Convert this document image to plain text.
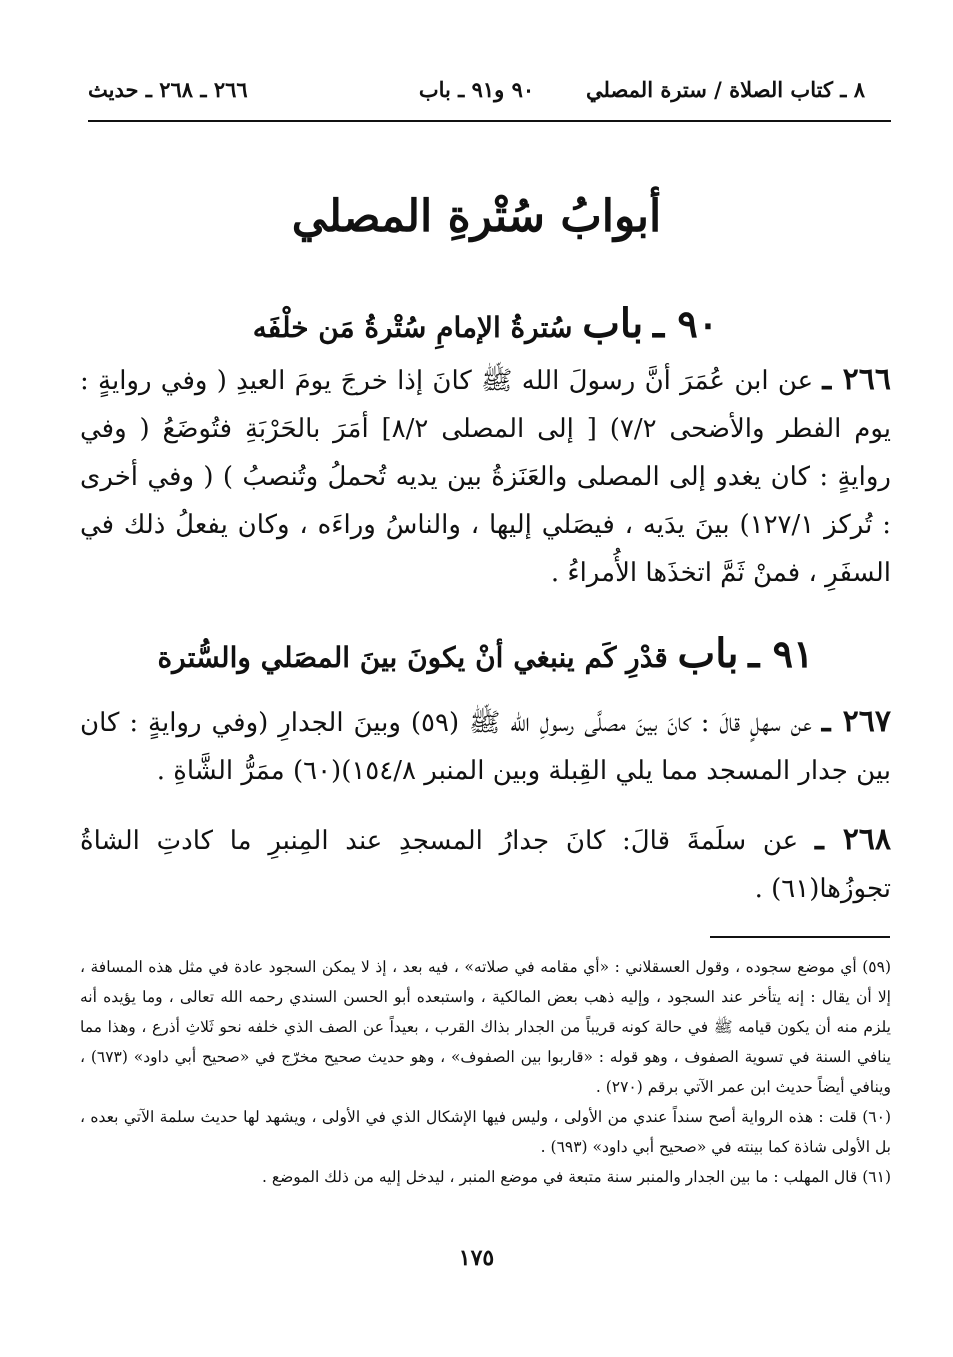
٨ ـ كتاب الصلاة / سترة المصلي
٩٠ و٩١ ـ باب
٢٦٦ ـ ٢٦٨ ـ حديث
أبوابُ سُتْرةِ المصلي
٩٠ ـ باب سُترةُ الإمامِ سُتْرةُ مَن خلْفَه
٢٦٦ ـ عن ابن عُمَرَ أنَّ رسولَ الله ﷺ كانَ إذا خرجَ يومَ العيدِ ( وفي روايةٍ : يوم الفطر والأضحى ٧/٢) [ إلى المصلى ٨/٢] أمَرَ بالحَرْبَةِ فتُوضَعُ ( وفي روايةٍ : كان يغدو إلى المصلى والعَنَزةُ بين يديه تُحملُ وتُنصبُ ) ( وفي أخرى : تُركز ١٢٧/١) بينَ يدَيه ، فيصَلي إليها ، والناسُ وراءَه ، وكان يفعلُ ذلك في السفَرِ ، فمنْ ثَمَّ اتخذَها الأُمراءُ .
٩١ ـ باب قدْرِ كَم ينبغي أنْ يكونَ بينَ المصَلي والسُّترة
٢٦٧ ـ عن سهلٍ قالَ : كانَ بينَ مصلَّى رسولِ الله ﷺ (٥٩) وبينَ الجدارِ (وفي روايةٍ : كان بين جدار المسجد مما يلي القِبلة وبين المنبر ١٥٤/٨)(٦٠) ممَرُّ الشَّاةِ .
٢٦٨ ـ عن سلَمةَ قالَ: كانَ جدارُ المسجدِ عند المِنبرِ ما كادتِ الشاةُ تجوزُها(٦١) .

(٥٩) أي موضع سجوده ، وقول العسقلاني : «أي مقامه في صلاته» ، فيه بعد ، إذ لا يمكن السجود عادة في مثل هذه المسافة ، إلا أن يقال : إنه يتأخر عند السجود ، وإليه ذهب بعض المالكية ، واستبعده أبو الحسن السندي رحمه الله تعالى ، وما يؤيده أنه يلزم منه أن يكون قيامه ﷺ في حالة كونه قريباً من الجدار بذاك القرب ، بعيداً عن الصف الذي خلفه نحو ثَلاثِ أذرع ، وهذا مما ينافي السنة في تسوية الصفوف ، وهو قوله : «قاربوا بين الصفوف» ، وهو حديث صحيح مخرّج في «صحيح أبي داود» (٦٧٣) ، وينافي أيضاً حديث ابن عمر الآتي برقم (٢٧٠) .

(٦٠) قلت : هذه الرواية أصح سنداً عندي من الأولى ، وليس فيها الإشكال الذي في الأولى ، ويشهد لها حديث سلمة الآتي بعده ، بل الأولى شاذة كما بينته في «صحيح أبي داود» (٦٩٣) .

(٦١) قال المهلب : ما بين الجدار والمنبر سنة متبعة في موضع المنبر ، ليدخل إليه من ذلك الموضع .

١٧٥
